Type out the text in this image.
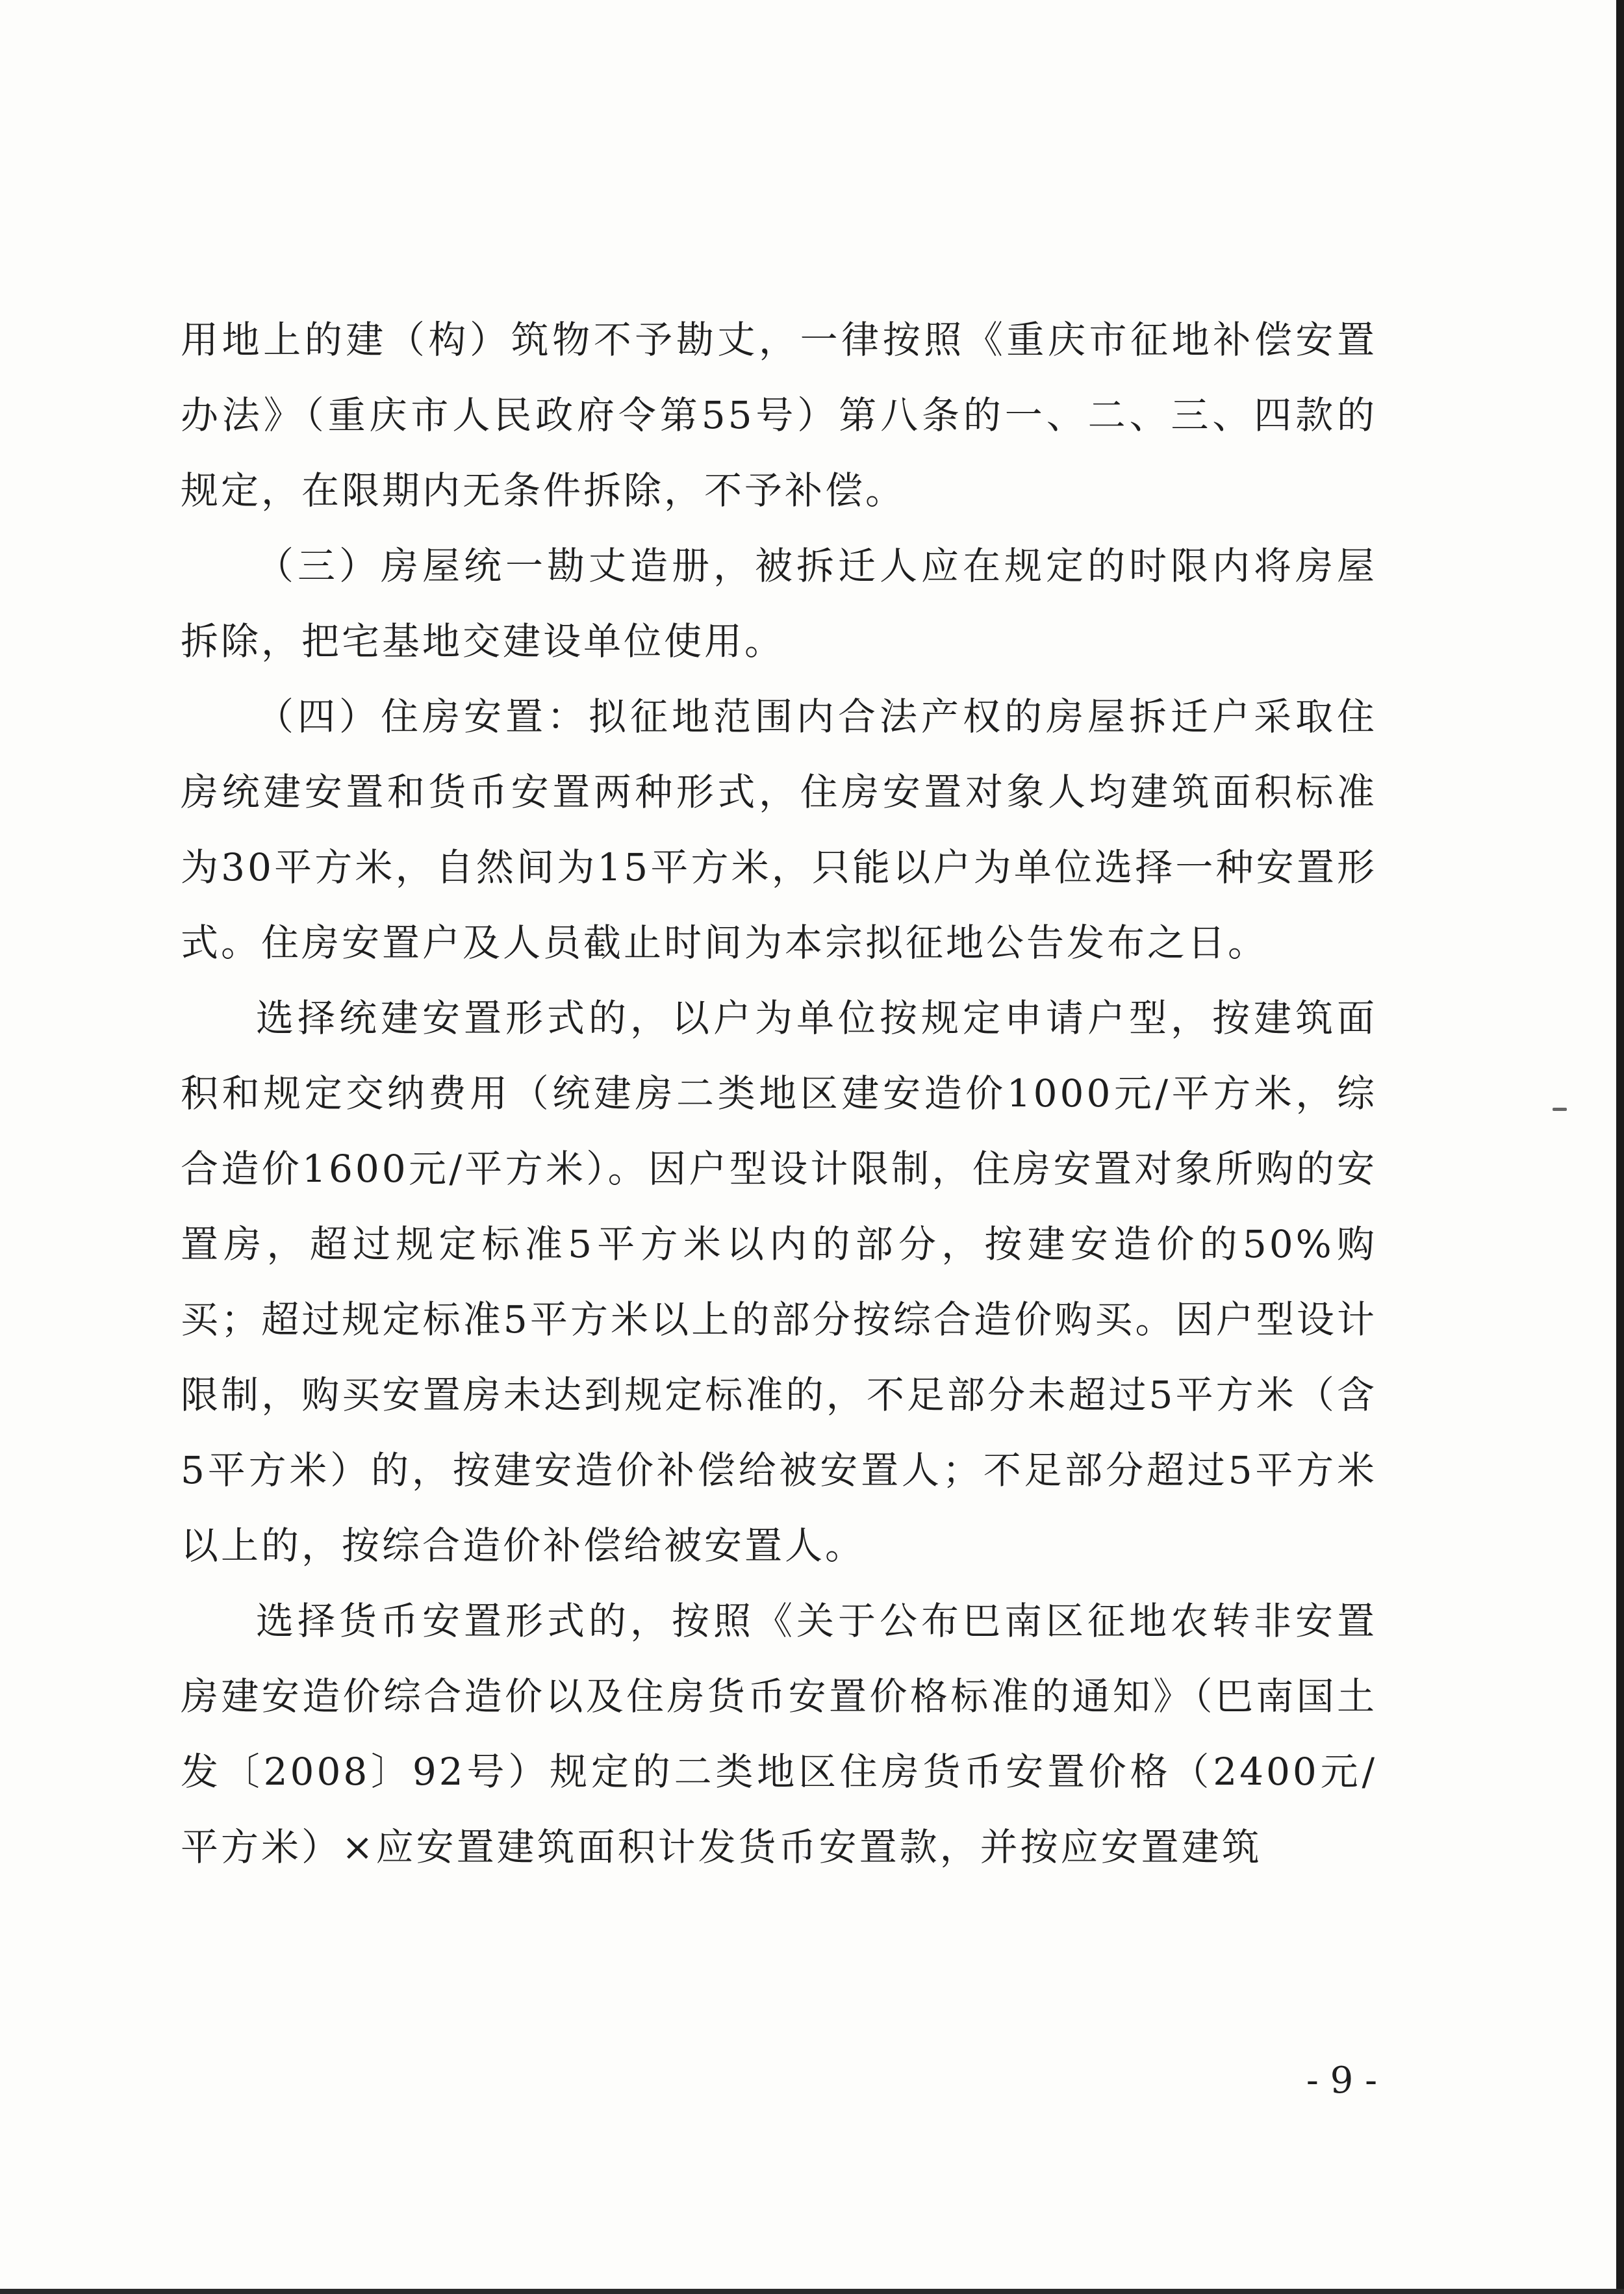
用地上的建（构）筑物不予勘丈，一律按照《重庆市征地补偿安置办法》（重庆市人民政府令第55号）第八条的一、二、三、四款的规定，在限期内无条件拆除，不予补偿。

（三）房屋统一勘丈造册，被拆迁人应在规定的时限内将房屋拆除，把宅基地交建设单位使用。

（四）住房安置：拟征地范围内合法产权的房屋拆迁户采取住房统建安置和货币安置两种形式，住房安置对象人均建筑面积标准为30平方米，自然间为15平方米，只能以户为单位选择一种安置形式。住房安置户及人员截止时间为本宗拟征地公告发布之日。

选择统建安置形式的，以户为单位按规定申请户型，按建筑面积和规定交纳费用（统建房二类地区建安造价1000元/平方米，综合造价1600元/平方米）。因户型设计限制，住房安置对象所购的安置房，超过规定标准5平方米以内的部分，按建安造价的50%购买；超过规定标准5平方米以上的部分按综合造价购买。因户型设计限制，购买安置房未达到规定标准的，不足部分未超过5平方米（含5平方米）的，按建安造价补偿给被安置人；不足部分超过5平方米以上的，按综合造价补偿给被安置人。

选择货币安置形式的，按照《关于公布巴南区征地农转非安置房建安造价综合造价以及住房货币安置价格标准的通知》（巴南国土发〔2008〕92号）规定的二类地区住房货币安置价格（2400元/平方米）×应安置建筑面积计发货币安置款，并按应安置建筑

- 9 -
